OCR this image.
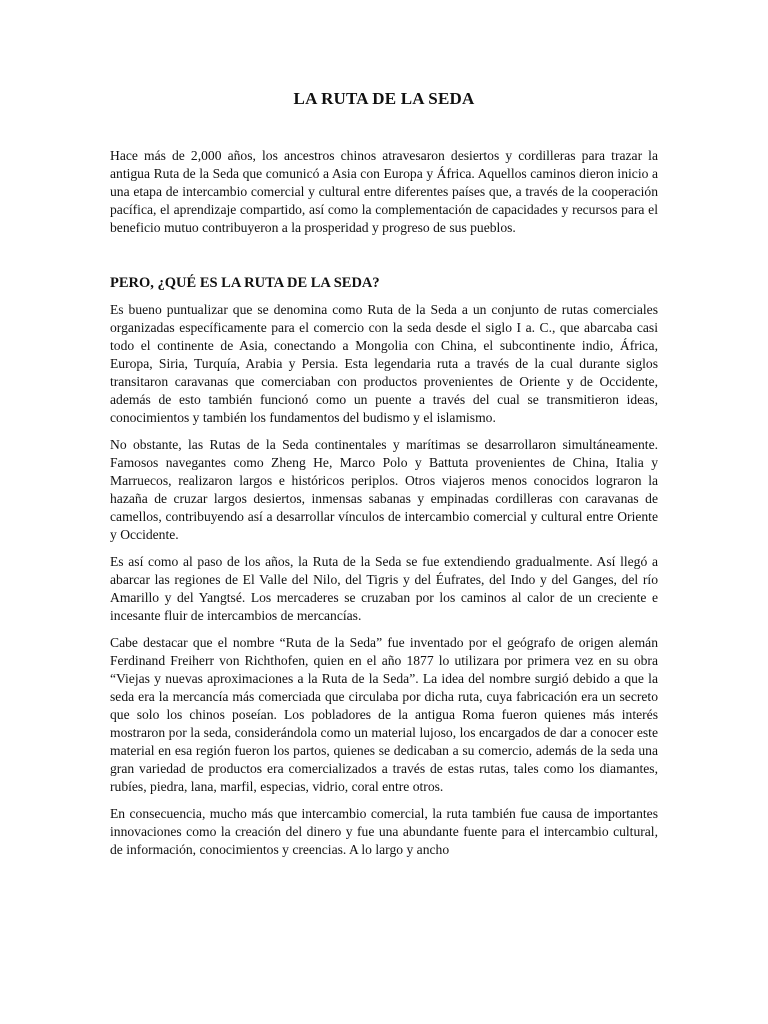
LA RUTA DE LA SEDA

Hace más de 2,000 años, los ancestros chinos atravesaron desiertos y cordilleras para trazar la antigua Ruta de la Seda que comunicó a Asia con Europa y África. Aquellos caminos dieron inicio a una etapa de intercambio comercial y cultural entre diferentes países que, a través de la cooperación pacífica, el aprendizaje compartido, así como la complementación de capacidades y recursos para el beneficio mutuo contribuyeron a la prosperidad y progreso de sus pueblos.

PERO, ¿QUÉ ES LA RUTA DE LA SEDA?

Es bueno puntualizar que se denomina como Ruta de la Seda a un conjunto de rutas comerciales organizadas específicamente para el comercio con la seda desde el siglo I a. C., que abarcaba casi todo el continente de Asia, conectando a Mongolia con China, el subcontinente indio, África, Europa, Siria, Turquía, Arabia y Persia. Esta legendaria ruta a través de la cual durante siglos transitaron caravanas que comerciaban con productos provenientes de Oriente y de Occidente, además de esto también funcionó como un puente a través del cual se transmitieron ideas, conocimientos y también los fundamentos del budismo y el islamismo.

No obstante, las Rutas de la Seda continentales y marítimas se desarrollaron simultáneamente. Famosos navegantes como Zheng He, Marco Polo y Battuta provenientes de China, Italia y Marruecos, realizaron largos e históricos periplos. Otros viajeros menos conocidos lograron la hazaña de cruzar largos desiertos, inmensas sabanas y empinadas cordilleras con caravanas de camellos, contribuyendo así a desarrollar vínculos de intercambio comercial y cultural entre Oriente y Occidente.

Es así como al paso de los años, la Ruta de la Seda se fue extendiendo gradualmente. Así llegó a abarcar las regiones de El Valle del Nilo, del Tigris y del Éufrates, del Indo y del Ganges, del río Amarillo y del Yangtsé. Los mercaderes se cruzaban por los caminos al calor de un creciente e incesante fluir de intercambios de mercancías.

Cabe destacar que el nombre “Ruta de la Seda” fue inventado por el geógrafo de origen alemán Ferdinand Freiherr von Richthofen, quien en el año 1877 lo utilizara por primera vez en su obra “Viejas y nuevas aproximaciones a la Ruta de la Seda”. La idea del nombre surgió debido a que la seda era la mercancía más comerciada que circulaba por dicha ruta, cuya fabricación era un secreto que solo los chinos poseían. Los pobladores de la antigua Roma fueron quienes más interés mostraron por la seda, considerándola como un material lujoso, los encargados de dar a conocer este material en esa región fueron los partos, quienes se dedicaban a su comercio, además de la seda una gran variedad de productos era comercializados a través de estas rutas, tales como los diamantes, rubíes, piedra, lana, marfil, especias, vidrio, coral entre otros.

En consecuencia, mucho más que intercambio comercial, la ruta también fue causa de importantes innovaciones como la creación del dinero y fue una abundante fuente para el intercambio cultural, de información, conocimientos y creencias. A lo largo y ancho
